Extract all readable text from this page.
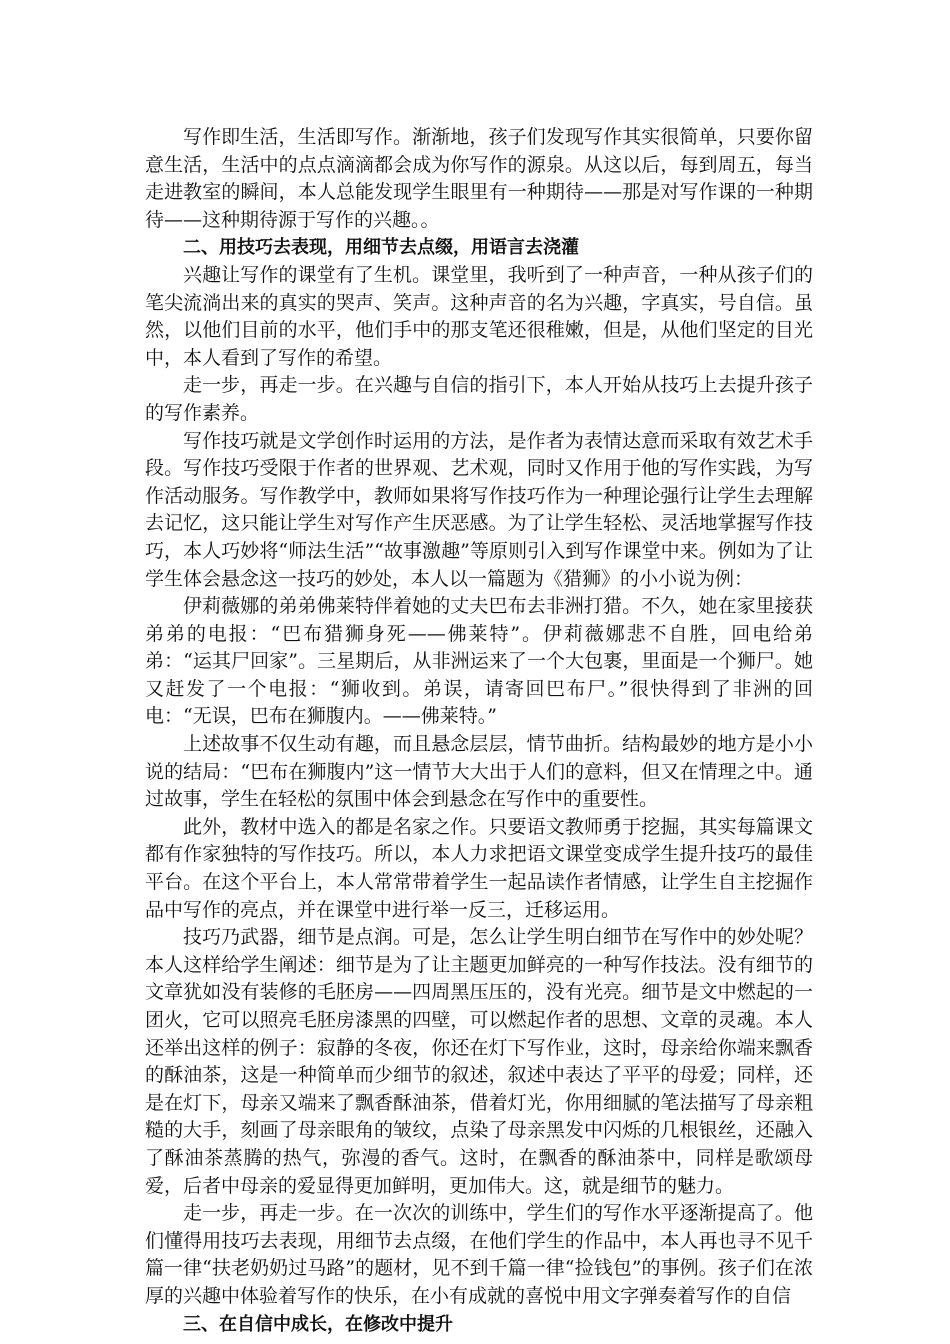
写作即生活，生活即写作。渐渐地，孩子们发现写作其实很简单，只要你留意生活，生活中的点点滴滴都会成为你写作的源泉。从这以后，每到周五，每当走进教室的瞬间，本人总能发现学生眼里有一种期待——那是对写作课的一种期待——这种期待源于写作的兴趣。。

二、用技巧去表现，用细节去点缀，用语言去浇灌

兴趣让写作的课堂有了生机。课堂里，我听到了一种声音，一种从孩子们的笔尖流淌出来的真实的哭声、笑声。这种声音的名为兴趣，字真实，号自信。虽然，以他们目前的水平，他们手中的那支笔还很稚嫩，但是，从他们坚定的目光中，本人看到了写作的希望。

走一步，再走一步。在兴趣与自信的指引下，本人开始从技巧上去提升孩子的写作素养。

写作技巧就是文学创作时运用的方法，是作者为表情达意而采取有效艺术手段。写作技巧受限于作者的世界观、艺术观，同时又作用于他的写作实践，为写作活动服务。写作教学中，教师如果将写作技巧作为一种理论强行让学生去理解去记忆，这只能让学生对写作产生厌恶感。为了让学生轻松、灵活地掌握写作技巧，本人巧妙将“师法生活”“故事激趣”等原则引入到写作课堂中来。例如为了让学生体会悬念这一技巧的妙处，本人以一篇题为《猎狮》的小小说为例：

伊莉薇娜的弟弟佛莱特伴着她的丈夫巴布去非洲打猎。不久，她在家里接获弟弟的电报：“巴布猎狮身死——佛莱特”。伊莉薇娜悲不自胜，回电给弟弟：“运其尸回家”。三星期后，从非洲运来了一个大包裹，里面是一个狮尸。她又赶发了一个电报：“狮收到。弟误，请寄回巴布尸。”很快得到了非洲的回电：“无误，巴布在狮腹内。——佛莱特。”

上述故事不仅生动有趣，而且悬念层层，情节曲折。结构最妙的地方是小小说的结局：“巴布在狮腹内”这一情节大大出于人们的意料，但又在情理之中。通过故事，学生在轻松的氛围中体会到悬念在写作中的重要性。

此外，教材中选入的都是名家之作。只要语文教师勇于挖掘，其实每篇课文都有作家独特的写作技巧。所以，本人力求把语文课堂变成学生提升技巧的最佳平台。在这个平台上，本人常常带着学生一起品读作者情感，让学生自主挖掘作品中写作的亮点，并在课堂中进行举一反三，迁移运用。

技巧乃武器，细节是点润。可是，怎么让学生明白细节在写作中的妙处呢？本人这样给学生阐述：细节是为了让主题更加鲜亮的一种写作技法。没有细节的文章犹如没有装修的毛胚房——四周黑压压的，没有光亮。细节是文中燃起的一团火，它可以照亮毛胚房漆黑的四壁，可以燃起作者的思想、文章的灵魂。本人还举出这样的例子：寂静的冬夜，你还在灯下写作业，这时，母亲给你端来飘香的酥油茶，这是一种简单而少细节的叙述，叙述中表达了平平的母爱；同样，还是在灯下，母亲又端来了飘香酥油茶，借着灯光，你用细腻的笔法描写了母亲粗糙的大手，刻画了母亲眼角的皱纹，点染了母亲黑发中闪烁的几根银丝，还融入了酥油茶蒸腾的热气，弥漫的香气。这时，在飘香的酥油茶中，同样是歌颂母爱，后者中母亲的爱显得更加鲜明，更加伟大。这，就是细节的魅力。

走一步，再走一步。在一次次的训练中，学生们的写作水平逐渐提高了。他们懂得用技巧去表现，用细节去点缀，在他们学生的作品中，本人再也寻不见千篇一律“扶老奶奶过马路”的题材，见不到千篇一律“捡钱包”的事例。孩子们在浓厚的兴趣中体验着写作的快乐，在小有成就的喜悦中用文字弹奏着写作的自信

三、在自信中成长，在修改中提升
